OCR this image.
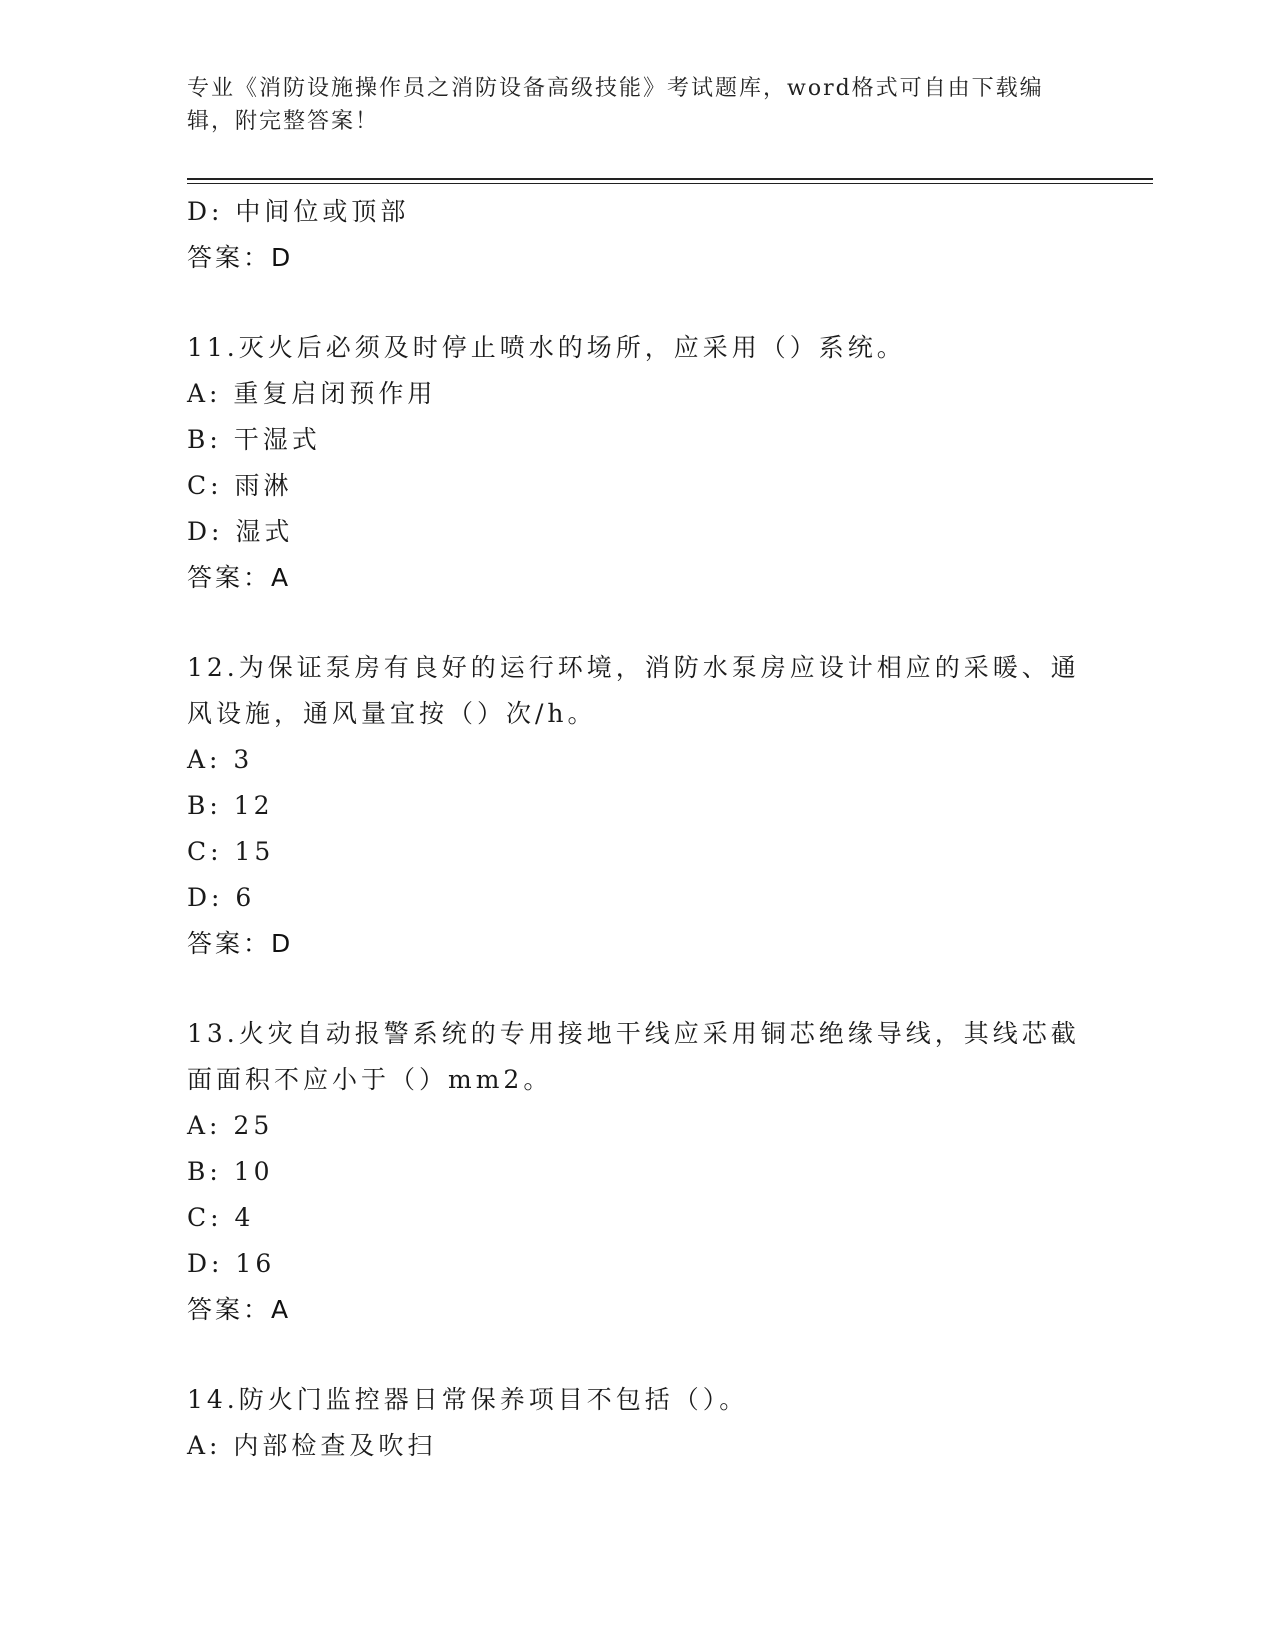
专业《消防设施操作员之消防设备高级技能》考试题库，word格式可自由下载编
辑，附完整答案！
D: 中间位或顶部
答案：D
11.灭火后必须及时停止喷水的场所，应采用（）系统。
A: 重复启闭预作用
B: 干湿式
C: 雨淋
D: 湿式
答案：A
12.为保证泵房有良好的运行环境，消防水泵房应设计相应的采暖、通
风设施，通风量宜按（）次/h。
A: 3
B: 12
C: 15
D: 6
答案：D
13.火灾自动报警系统的专用接地干线应采用铜芯绝缘导线，其线芯截
面面积不应小于（）mm2。
A: 25
B: 10
C: 4
D: 16
答案：A
14.防火门监控器日常保养项目不包括（）。
A: 内部检查及吹扫
